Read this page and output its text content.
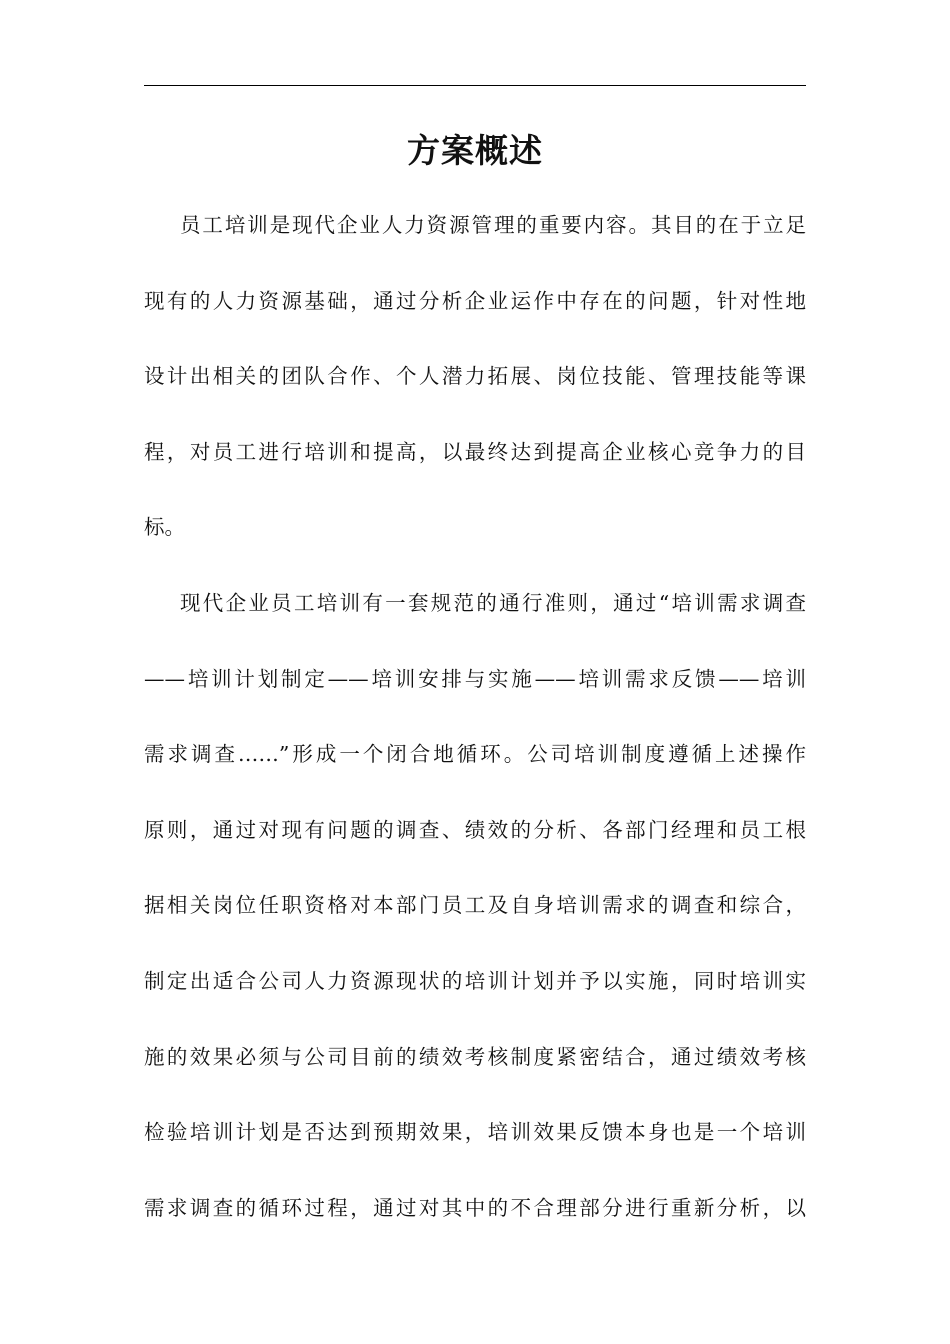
方案概述
员工培训是现代企业人力资源管理的重要内容。其目的在于立足
现有的人力资源基础，通过分析企业运作中存在的问题，针对性地
设计出相关的团队合作、个人潜力拓展、岗位技能、管理技能等课
程，对员工进行培训和提高，以最终达到提高企业核心竞争力的目
标。
现代企业员工培训有一套规范的通行准则，通过“培训需求调查
——培训计划制定——培训安排与实施——培训需求反馈——培训
需求调查……”形成一个闭合地循环。公司培训制度遵循上述操作
原则，通过对现有问题的调查、绩效的分析、各部门经理和员工根
据相关岗位任职资格对本部门员工及自身培训需求的调查和综合，
制定出适合公司人力资源现状的培训计划并予以实施，同时培训实
施的效果必须与公司目前的绩效考核制度紧密结合，通过绩效考核
检验培训计划是否达到预期效果，培训效果反馈本身也是一个培训
需求调查的循环过程，通过对其中的不合理部分进行重新分析，以
